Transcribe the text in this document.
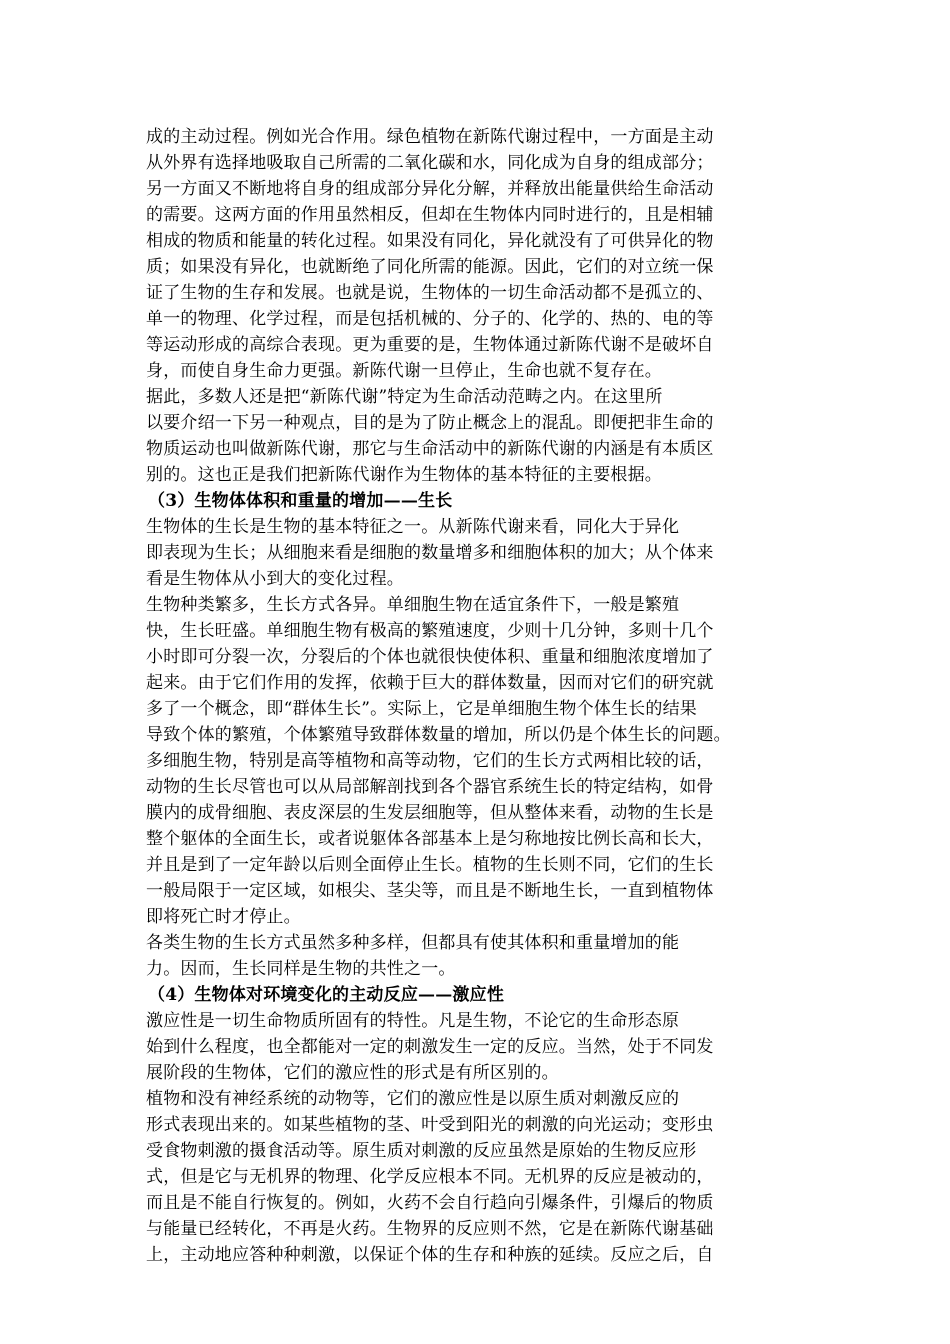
成的主动过程。例如光合作用。绿色植物在新陈代谢过程中，一方面是主动
从外界有选择地吸取自己所需的二氧化碳和水，同化成为自身的组成部分；
另一方面又不断地将自身的组成部分异化分解，并释放出能量供给生命活动
的需要。这两方面的作用虽然相反，但却在生物体内同时进行的，且是相辅
相成的物质和能量的转化过程。如果没有同化，异化就没有了可供异化的物
质；如果没有异化，也就断绝了同化所需的能源。因此，它们的对立统一保
证了生物的生存和发展。也就是说，生物体的一切生命活动都不是孤立的、
单一的物理、化学过程，而是包括机械的、分子的、化学的、热的、电的等
等运动形成的高综合表现。更为重要的是，生物体通过新陈代谢不是破坏自
身，而使自身生命力更强。新陈代谢一旦停止，生命也就不复存在。
据此，多数人还是把“新陈代谢”特定为生命活动范畴之内。在这里所
以要介绍一下另一种观点，目的是为了防止概念上的混乱。即便把非生命的
物质运动也叫做新陈代谢，那它与生命活动中的新陈代谢的内涵是有本质区
别的。这也正是我们把新陈代谢作为生物体的基本特征的主要根据。
（3）生物体体积和重量的增加——生长
生物体的生长是生物的基本特征之一。从新陈代谢来看，同化大于异化
即表现为生长；从细胞来看是细胞的数量增多和细胞体积的加大；从个体来
看是生物体从小到大的变化过程。
生物种类繁多，生长方式各异。单细胞生物在适宜条件下，一般是繁殖
快，生长旺盛。单细胞生物有极高的繁殖速度，少则十几分钟，多则十几个
小时即可分裂一次，分裂后的个体也就很快使体积、重量和细胞浓度增加了
起来。由于它们作用的发挥，依赖于巨大的群体数量，因而对它们的研究就
多了一个概念，即“群体生长”。实际上，它是单细胞生物个体生长的结果
导致个体的繁殖，个体繁殖导致群体数量的增加，所以仍是个体生长的问题。
多细胞生物，特别是高等植物和高等动物，它们的生长方式两相比较的话，
动物的生长尽管也可以从局部解剖找到各个器官系统生长的特定结构，如骨
膜内的成骨细胞、表皮深层的生发层细胞等，但从整体来看，动物的生长是
整个躯体的全面生长，或者说躯体各部基本上是匀称地按比例长高和长大，
并且是到了一定年龄以后则全面停止生长。植物的生长则不同，它们的生长
一般局限于一定区域，如根尖、茎尖等，而且是不断地生长，一直到植物体
即将死亡时才停止。
各类生物的生长方式虽然多种多样，但都具有使其体积和重量增加的能
力。因而，生长同样是生物的共性之一。
（4）生物体对环境变化的主动反应——激应性
激应性是一切生命物质所固有的特性。凡是生物，不论它的生命形态原
始到什么程度，也全都能对一定的刺激发生一定的反应。当然，处于不同发
展阶段的生物体，它们的激应性的形式是有所区别的。
植物和没有神经系统的动物等，它们的激应性是以原生质对刺激反应的
形式表现出来的。如某些植物的茎、叶受到阳光的刺激的向光运动；变形虫
受食物刺激的摄食活动等。原生质对刺激的反应虽然是原始的生物反应形
式，但是它与无机界的物理、化学反应根本不同。无机界的反应是被动的，
而且是不能自行恢复的。例如，火药不会自行趋向引爆条件，引爆后的物质
与能量已经转化，不再是火药。生物界的反应则不然，它是在新陈代谢基础
上，主动地应答种种刺激，以保证个体的生存和种族的延续。反应之后，自
